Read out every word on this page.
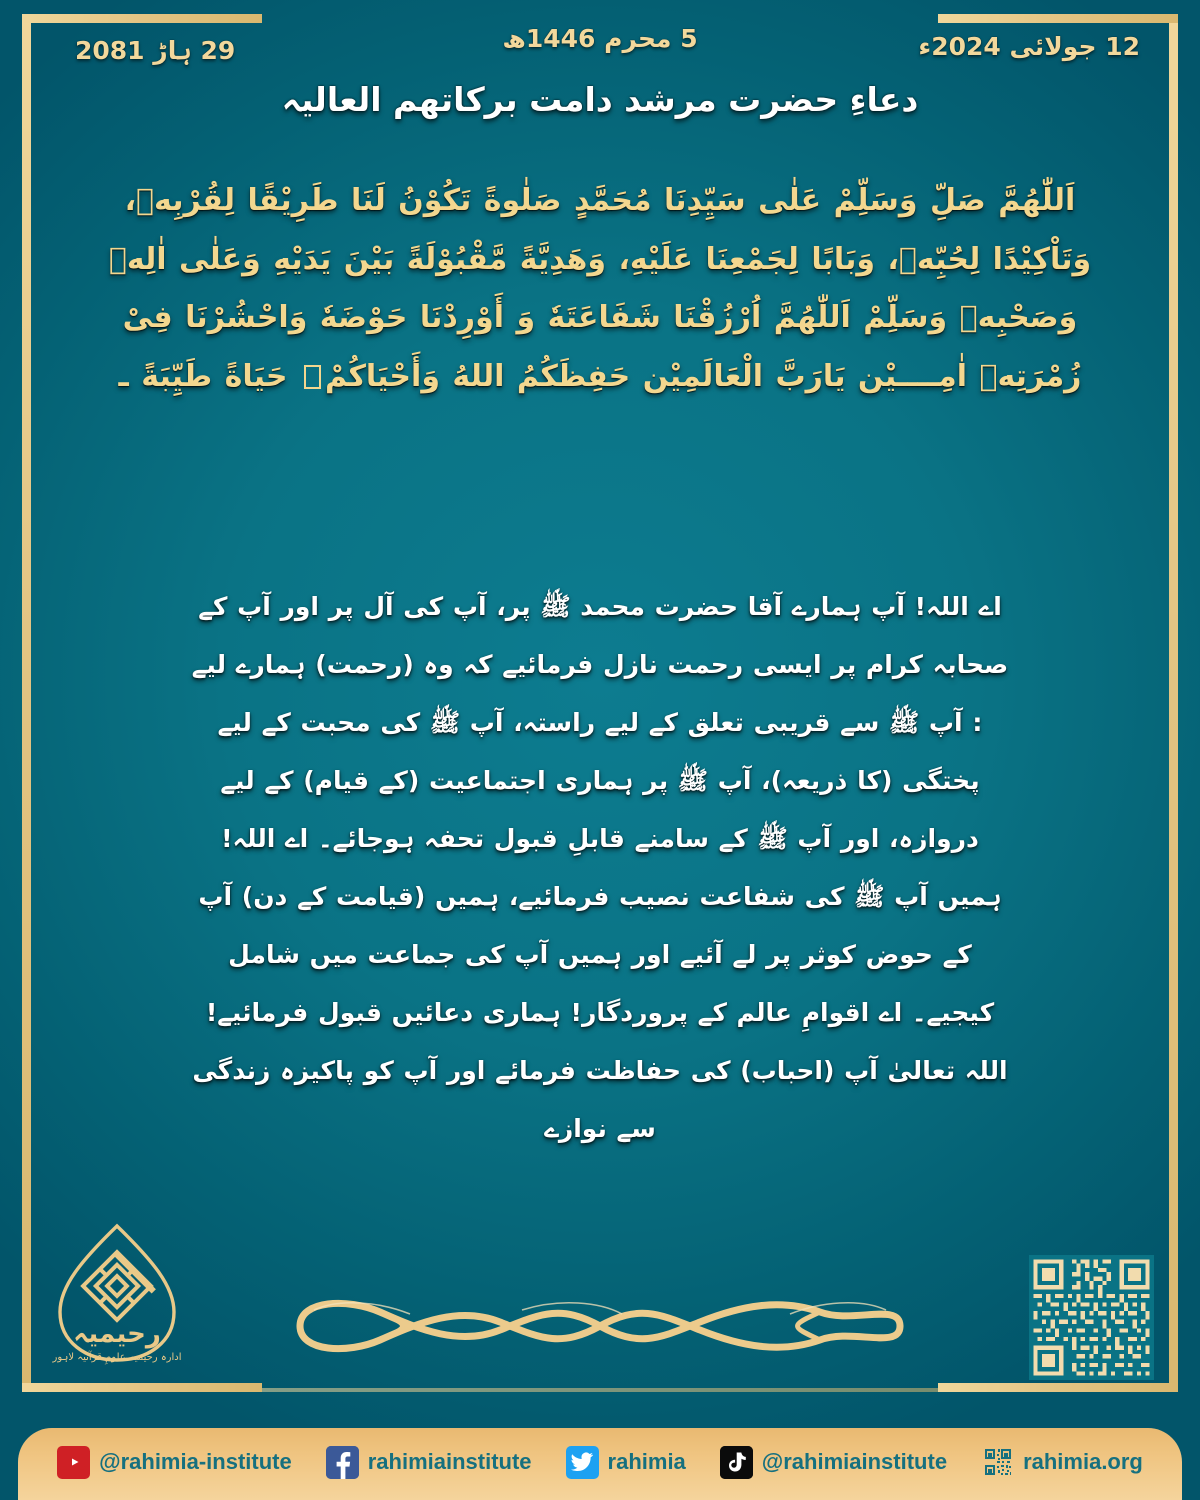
29 ہاڑ 2081	5 محرم 1446ھ	12 جولائی 2024ء
دعاءِ حضرت مرشد دامت بركاتهم العاليہ
اَللّٰهُمَّ صَلِّ وَسَلِّمْ عَلٰى سَيِّدِنَا مُحَمَّدٍ صَلٰوةً تَكُوْنُ لَنَا طَرِيْقًا لِقُرْبِهٖ، وَتَاْكِيْدًا لِحُبِّهٖ، وَبَابًا لِجَمْعِنَا عَلَيْهِ، وَهَدِيَّةً مَّقْبُوْلَةً بَيْنَ يَدَيْهِ وَعَلٰى اٰلِهٖ وَصَحْبِهٖ وَسَلِّمْ اَللّٰهُمَّ اُرْزُقْنَا شَفَاعَتَهٗ وَ أَوْرِدْنَا حَوْضَهٗ وَاحْشُرْنَا فِىْ زُمْرَتِهٖ اٰمِــــيْن يَارَبَّ الْعَالَمِيْن حَفِظَكُمُ اللهُ وَأَحْيَاكُمْ حَيَاةً طَيِّبَةً ـ
اے اللہ! آپ ہمارے آقا حضرت محمد ﷺ پر، آپ کی آل پر اور آپ کے صحابہ کرام پر ایسی رحمت نازل فرمائیے کہ وہ (رحمت) ہمارے لیے : آپ ﷺ سے قریبی تعلق کے لیے راستہ، آپ ﷺ کی محبت کے لیے پختگی (کا ذریعہ)، آپ ﷺ پر ہماری اجتماعیت (کے قیام) کے لیے دروازہ، اور آپ ﷺ کے سامنے قابلِ قبول تحفہ ہوجائے۔ اے اللہ! ہمیں آپ ﷺ کی شفاعت نصیب فرمائیے، ہمیں (قیامت کے دن) آپ کے حوض کوثر پر لے آئیے اور ہمیں آپ کی جماعت میں شامل کیجیے۔ اے اقوامِ عالم کے پروردگار! ہماری دعائیں قبول فرمائیے! اللہ تعالیٰ آپ (احباب) کی حفاظت فرمائے اور آپ کو پاکیزہ زندگی سے نوازے
رحیمیہ
ادارہ رحیمیہ علومِ قرآنیہ لاہور
@rahimia-institute	rahimiainstitute	rahimia	@rahimiainstitute	rahimia.org
